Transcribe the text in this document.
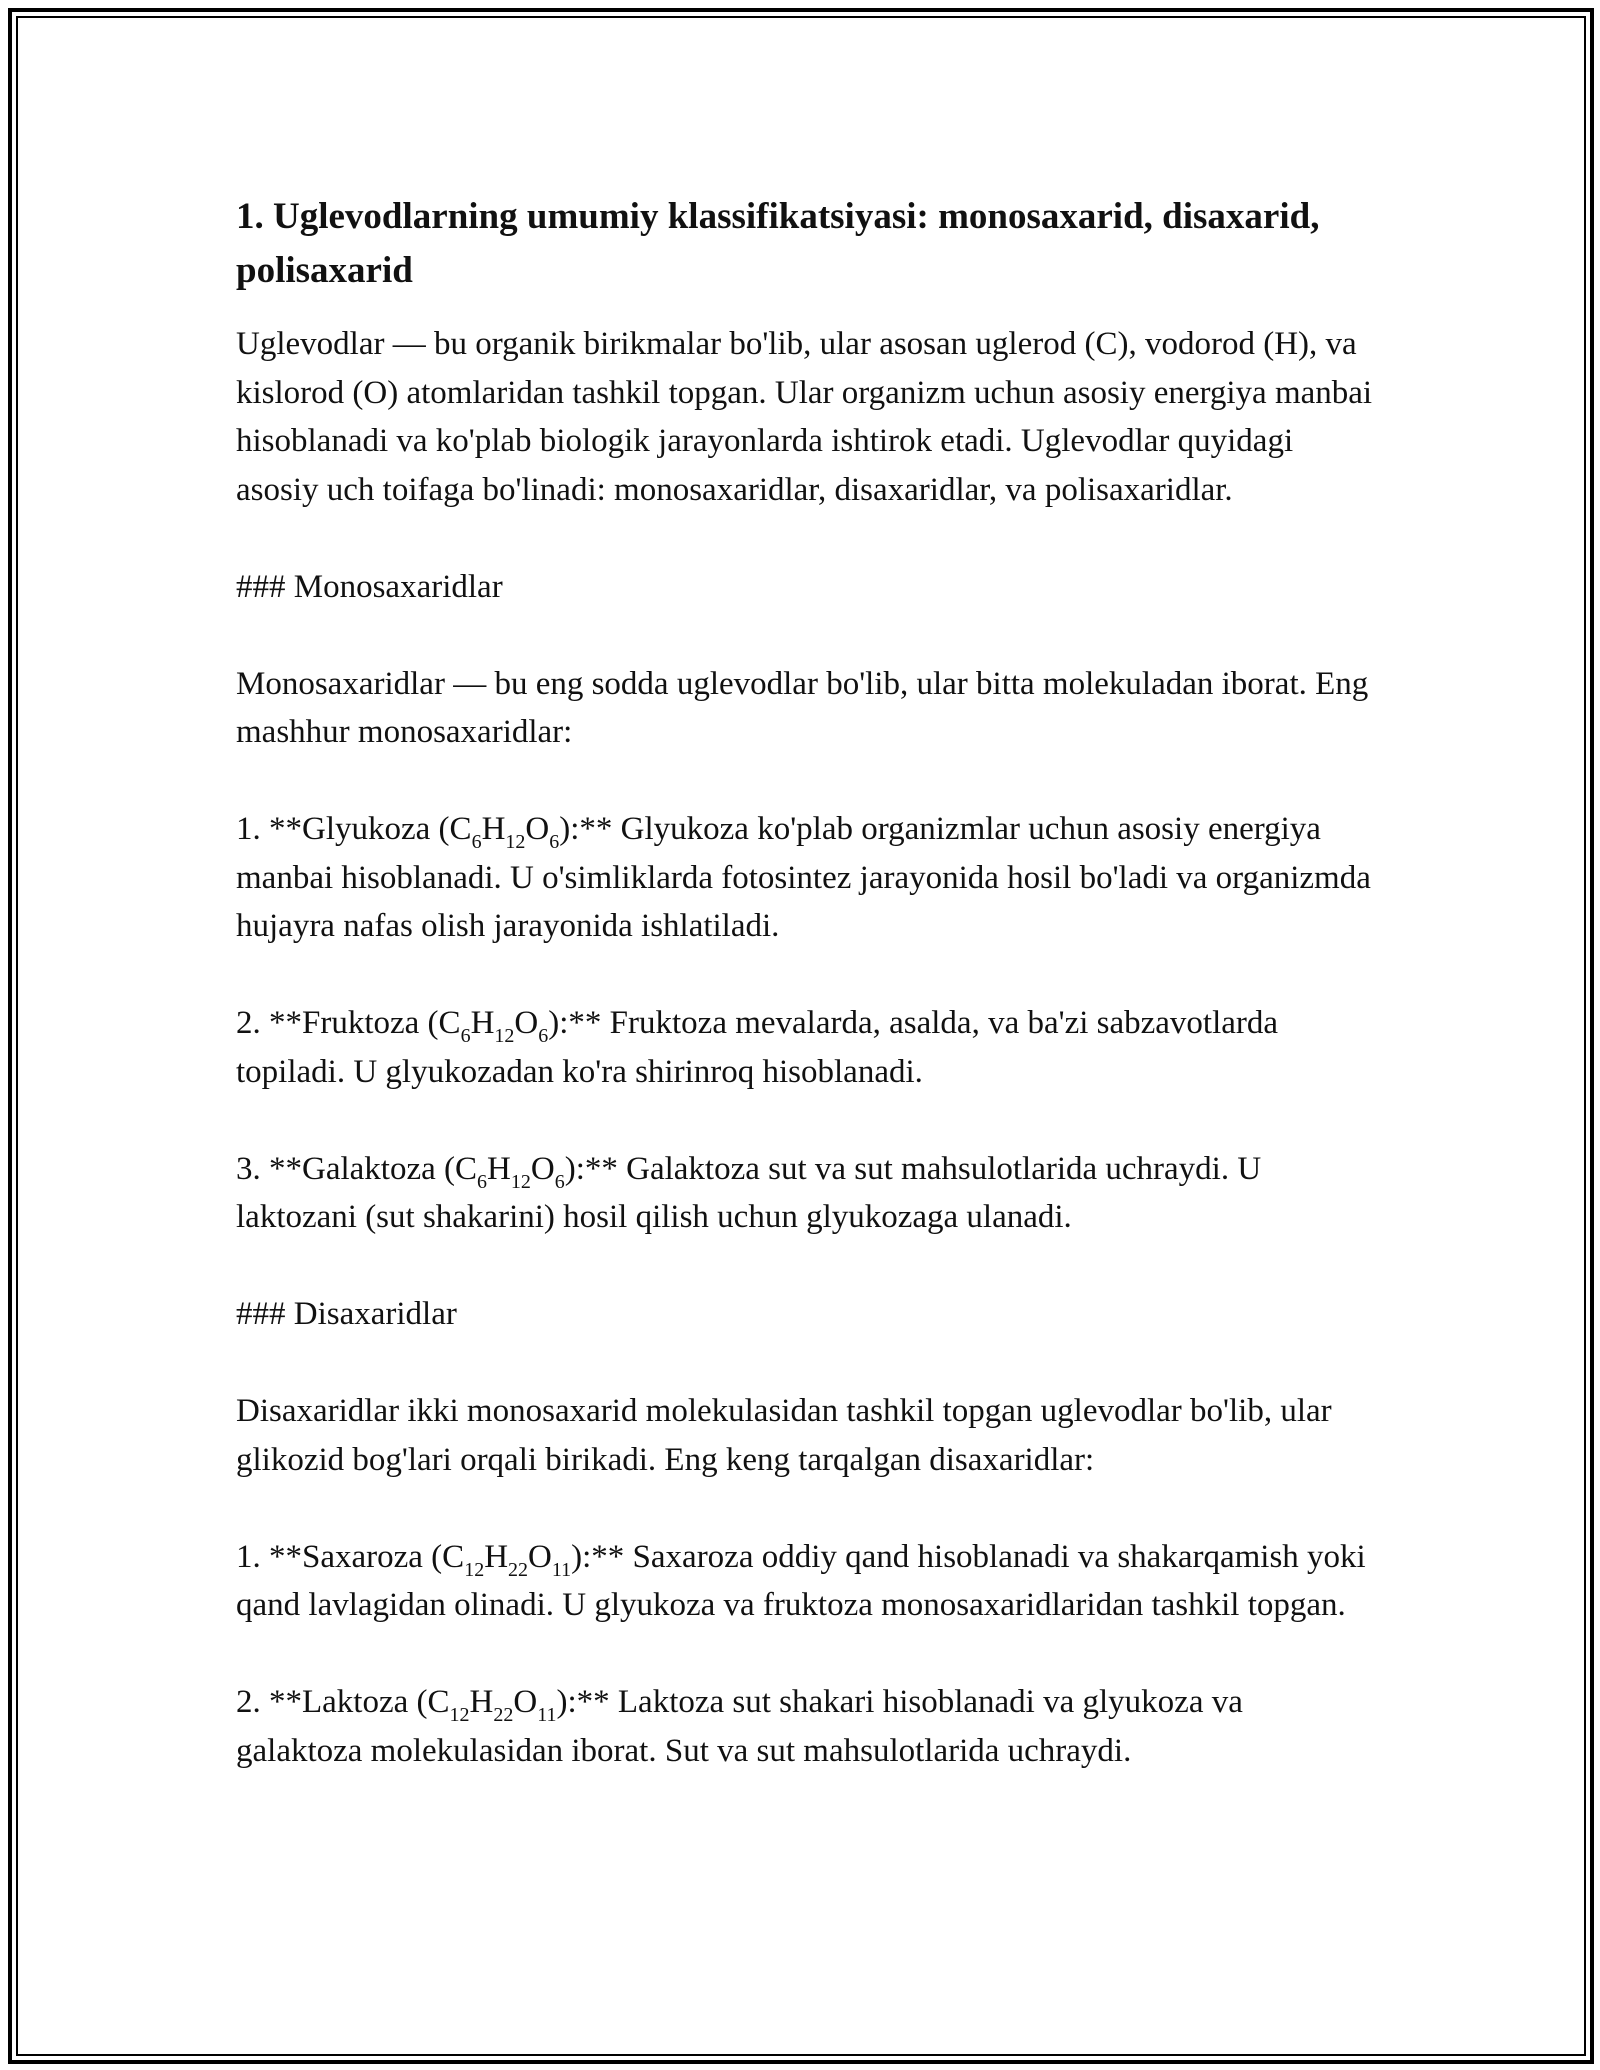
1. Uglevodlarning umumiy klassifikatsiyasi: monosaxarid, disaxarid, polisaxarid

Uglevodlar — bu organik birikmalar bo'lib, ular asosan uglerod (C), vodorod (H), va kislorod (O) atomlaridan tashkil topgan. Ular organizm uchun asosiy energiya manbai hisoblanadi va ko'plab biologik jarayonlarda ishtirok etadi. Uglevodlar quyidagi asosiy uch toifaga bo'linadi: monosaxaridlar, disaxaridlar, va polisaxaridlar.

### Monosaxaridlar

Monosaxaridlar — bu eng sodda uglevodlar bo'lib, ular bitta molekuladan iborat. Eng mashhur monosaxaridlar:

1. **Glyukoza $(C_6H_{12}O_6):**$ Glyukoza ko'plab organizmlar uchun asosiy energiya manbai hisoblanadi. U o'simliklarda fotosintez jarayonida hosil bo'ladi va organizmda hujayra nafas olish jarayonida ishlatiladi.

2. **Fruktoza $(C_6H_{12}O_6):**$ Fruktoza mevalarda, asalda, va ba'zi sabzavotlarda topiladi. U glyukozadan ko'ra shirinroq hisoblanadi.

3. **Galaktoza $(C_6H_{12}O_6):**$ Galaktoza sut va sut mahsulotlarida uchraydi. U laktozani (sut shakarini) hosil qilish uchun glyukozaga ulanadi.

### Disaxaridlar

Disaxaridlar ikki monosaxarid molekulasidan tashkil topgan uglevodlar bo'lib, ular glikozid bog'lari orqali birikadi. Eng keng tarqalgan disaxaridlar:

1. **Saxaroza $(C_{12}H_{22}O_{11}):**$ Saxaroza oddiy qand hisoblanadi va shakarqamish yoki qand lavlagidan olinadi. U glyukoza va fruktoza monosaxaridlaridan tashkil topgan.

2. **Laktoza $(C_{12}H_{22}O_{11}):**$ Laktoza sut shakari hisoblanadi va glyukoza va galaktoza molekulasidan iborat. Sut va sut mahsulotlarida uchraydi.
